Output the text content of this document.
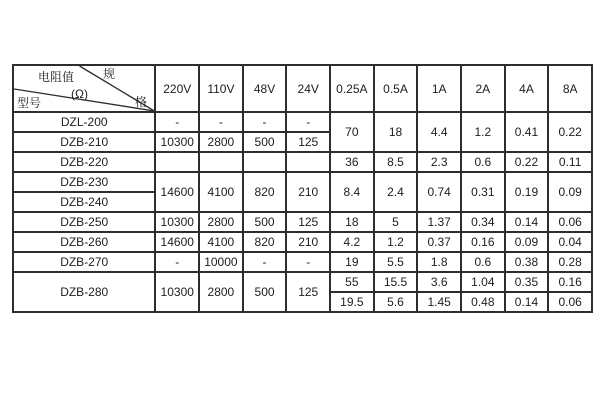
电阻值
(Ω)
规
格
型号	220V	110V	48V	24V	0.25A	0.5A	1A	2A	4A	8A
DZL-200	-	-	-	-	70	18	4.4	1.2	0.41	0.22
DZB-210	10300	2800	500	125						
DZB-220					36	8.5	2.3	0.6	0.22	0.11
DZB-230	14600	4100	820	210	8.4	2.4	0.74	0.31	0.19	0.09
DZB-240										
DZB-250	10300	2800	500	125	18	5	1.37	0.34	0.14	0.06
DZB-260	14600	4100	820	210	4.2	1.2	0.37	0.16	0.09	0.04
DZB-270	-	10000	-	-	19	5.5	1.8	0.6	0.38	0.28
DZB-280	10300	2800	500	125	55	15.5	3.6	1.04	0.35	0.16
					19.5	5.6	1.45	0.48	0.14	0.06
